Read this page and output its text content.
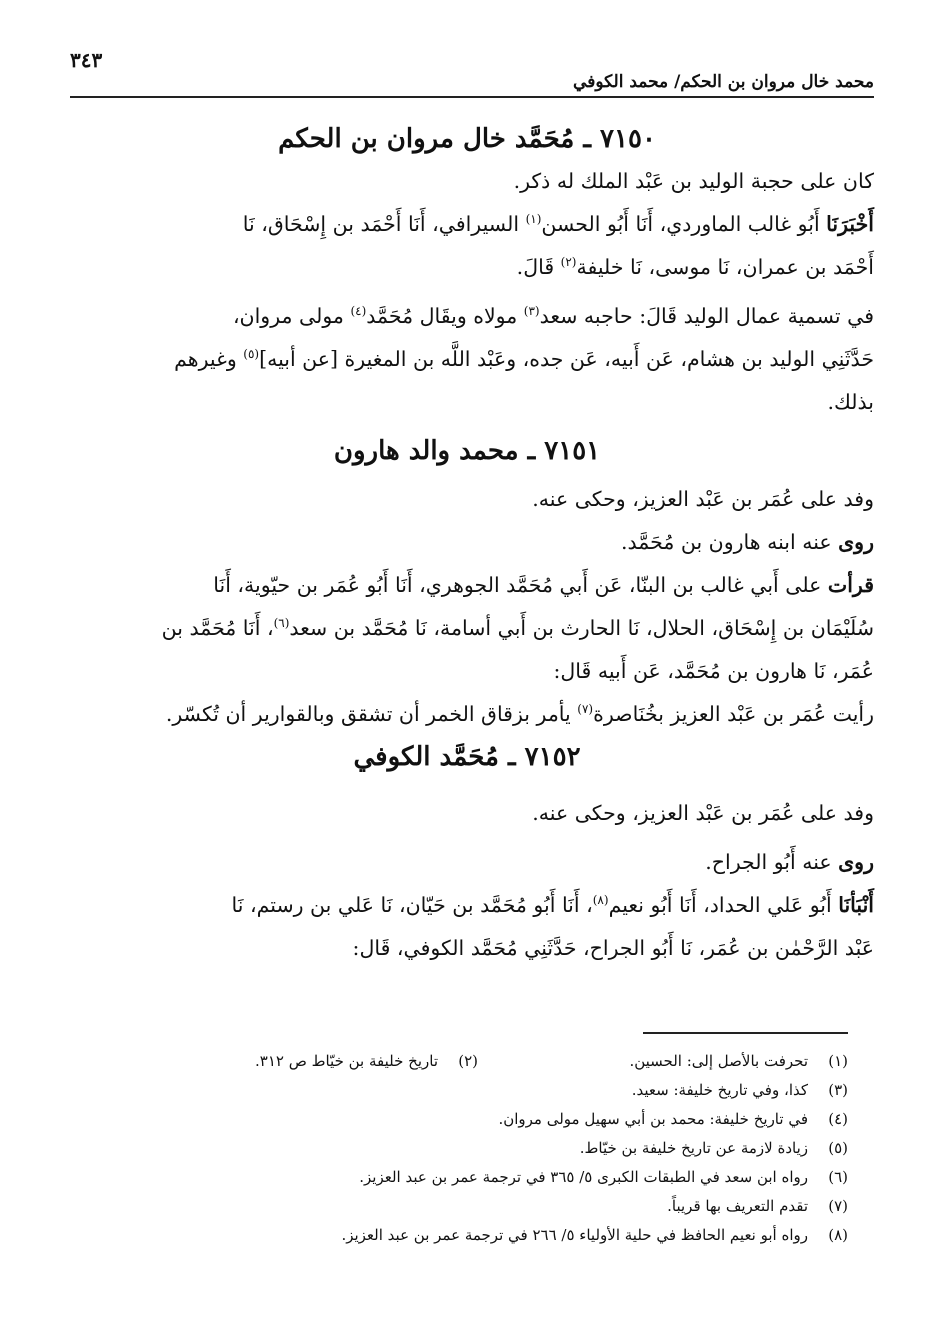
محمد خال مروان بن الحكم/ محمد الكوفي
٣٤٣
٧١٥٠ ـ مُحَمَّد خال مروان بن الحكم

كان على حجبة الوليد بن عَبْد الملك له ذكر.

أَخْبَرَنَا أَبُو غالب الماوردي، أَنَا أَبُو الحسن$^{(١)}$ السيرافي، أَنَا أَحْمَد بن إِسْحَاق، نَا

أَحْمَد بن عمران، نَا موسى، نَا خليفة$^{(٢)}$ قَالَ.

في تسمية عمال الوليد قَالَ: حاجبه سعد$^{(٣)}$ مولاه ويقَال مُحَمَّد$^{(٤)}$ مولى مروان،

حَدَّثَنِي الوليد بن هشام، عَن أَبيه، عَن جده، وعَبْد اللَّه بن المغيرة [عن أبيه]$^{(٥)}$ وغيرهم

بذلك.

٧١٥١ ـ محمد والد هارون

وفد على عُمَر بن عَبْد العزيز، وحكى عنه.

روى عنه ابنه هارون بن مُحَمَّد.

قرأت على أَبي غالب بن البنّا، عَن أَبي مُحَمَّد الجوهري، أَنَا أَبُو عُمَر بن حيّوية، أَنَا

سُلَيْمَان بن إِسْحَاق، الحلال، نَا الحارث بن أَبي أسامة، نَا مُحَمَّد بن سعد$^{(٦)}$، أَنَا مُحَمَّد بن

عُمَر، نَا هارون بن مُحَمَّد، عَن أَبيه قَال:

رأيت عُمَر بن عَبْد العزيز بخُنَاصرة$^{(٧)}$ يأمر بزقاق الخمر أن تشقق وبالقوارير أن تُكسّر.

٧١٥٢ ـ مُحَمَّد الكوفي

وفد على عُمَر بن عَبْد العزيز، وحكى عنه.

روى عنه أَبُو الجراح.

أَنْبَأنَا أَبُو عَلي الحداد، أَنَا أَبُو نعيم$^{(٨)}$، أَنَا أَبُو مُحَمَّد بن حَيّان، نَا عَلي بن رستم، نَا

عَبْد الرَّحْمٰن بن عُمَر، نَا أَبُو الجراح، حَدَّثَنِي مُحَمَّد الكوفي، قَال:

(١)
تحرفت بالأصل إلى: الحسين.
(٢)
تاريخ خليفة بن خيّاط ص ٣١٢.
(٣)
كذا، وفي تاريخ خليفة: سعيد.
(٤)
في تاريخ خليفة: محمد بن أبي سهيل مولى مروان.
(٥)
زيادة لازمة عن تاريخ خليفة بن خيّاط.
(٦)
رواه ابن سعد في الطبقات الكبرى ٥/ ٣٦٥ في ترجمة عمر بن عبد العزيز.
(٧)
تقدم التعريف بها قريباً.
(٨)
رواه أبو نعيم الحافظ في حلية الأولياء ٥/ ٢٦٦ في ترجمة عمر بن عبد العزيز.
